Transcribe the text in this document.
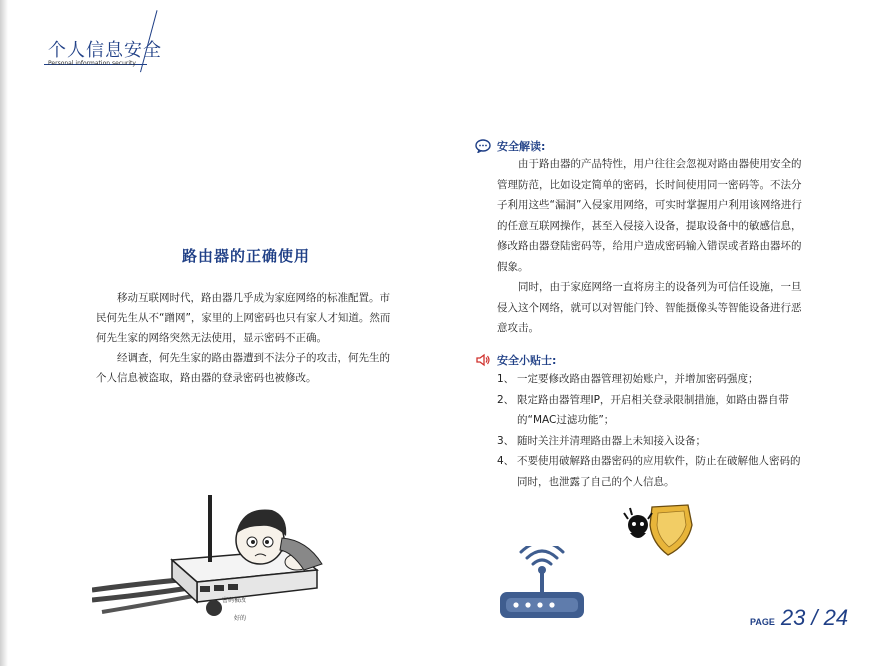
个人信息安全
Personal information security
路由器的正确使用

移动互联网时代，路由器几乎成为家庭网络的标准配置。市民何先生从不“蹭网”，家里的上网密码也只有家人才知道。然而何先生家的网络突然无法使用，显示密码不正确。

经调查，何先生家的路由器遭到不法分子的攻击，何先生的个人信息被盗取，路由器的登录密码也被修改。

密码被改
好的
安全解读:

由于路由器的产品特性，用户往往会忽视对路由器使用安全的管理防范，比如设定简单的密码，长时间使用同一密码等。不法分子利用这些“漏洞”入侵家用网络，可实时掌握用户利用该网络进行的任意互联网操作，甚至入侵接入设备，提取设备中的敏感信息，修改路由器登陆密码等，给用户造成密码输入错误或者路由器坏的假象。

同时，由于家庭网络一直将房主的设备列为可信任设施，一旦侵入这个网络，就可以对智能门铃、智能摄像头等智能设备进行恶意攻击。

安全小贴士:
1、 一定要修改路由器管理初始账户，并增加密码强度；
2、 限定路由器管理IP，开启相关登录限制措施，如路由器自带的“MAC过滤功能”；
3、 随时关注并清理路由器上未知接入设备；
4、 不要使用破解路由器密码的应用软件，防止在破解他人密码的同时，也泄露了自己的个人信息。
PAGE 23 / 24
